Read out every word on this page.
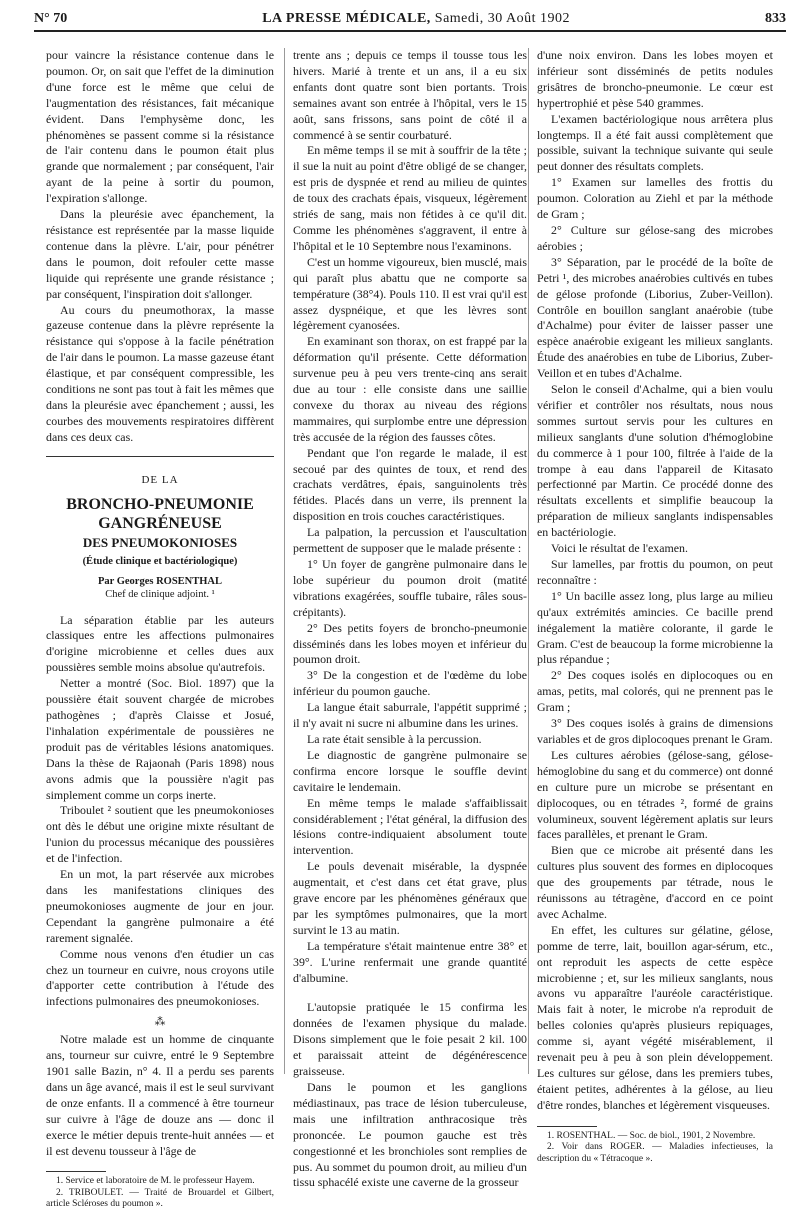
N° 70	LA PRESSE MÉDICALE, Samedi, 30 Août 1902	833

pour vaincre la résistance contenue dans le poumon. Or, on sait que l'effet de la diminution d'une force est le même que celui de l'augmentation des résistances, fait mécanique évident. Dans l'emphysème donc, les phénomènes se passent comme si la résistance de l'air contenu dans le poumon était plus grande que normalement ; par conséquent, l'air ayant de la peine à sortir du poumon, l'expiration s'allonge.

Dans la pleurésie avec épanchement, la résistance est représentée par la masse liquide contenue dans la plèvre. L'air, pour pénétrer dans le poumon, doit refouler cette masse liquide qui représente une grande résistance ; par conséquent, l'inspiration doit s'allonger.

Au cours du pneumothorax, la masse gazeuse contenue dans la plèvre représente la résistance qui s'oppose à la facile pénétration de l'air dans le poumon. La masse gazeuse étant élastique, et par conséquent compressible, les conditions ne sont pas tout à fait les mêmes que dans la pleurésie avec épanchement ; aussi, les courbes des mouvements respiratoires diffèrent dans ces deux cas.

DE LA

BRONCHO-PNEUMONIE GANGRÉNEUSE

DES PNEUMOKONIOSES

(Étude clinique et bactériologique)

Par Georges ROSENTHAL

Chef de clinique adjoint. ¹

La séparation établie par les auteurs classiques entre les affections pulmonaires d'origine microbienne et celles dues aux poussières semble moins absolue qu'autrefois.

Netter a montré (Soc. Biol. 1897) que la poussière était souvent chargée de microbes pathogènes ; d'après Claisse et Josué, l'inhalation expérimentale de poussières ne produit pas de véritables lésions anatomiques. Dans la thèse de Rajaonah (Paris 1898) nous avons admis que la poussière n'agit pas simplement comme un corps inerte.

Triboulet ² soutient que les pneumokonioses ont dès le début une origine mixte résultant de l'union du processus mécanique des poussières et de l'infection.

En un mot, la part réservée aux microbes dans les manifestations cliniques des pneumokonioses augmente de jour en jour. Cependant la gangrène pulmonaire a été rarement signalée.

Comme nous venons d'en étudier un cas chez un tourneur en cuivre, nous croyons utile d'apporter cette contribution à l'étude des infections pulmonaires des pneumokonioses.

⁂

Notre malade est un homme de cinquante ans, tourneur sur cuivre, entré le 9 Septembre 1901 salle Bazin, n° 4. Il a perdu ses parents dans un âge avancé, mais il est le seul survivant de onze enfants. Il a commencé à être tourneur sur cuivre à l'âge de douze ans — donc il exerce le métier depuis trente-huit années — et il est devenu tousseur à l'âge de

1. Service et laboratoire de M. le professeur Hayem.

2. TRIBOULET. — Traité de Brouardel et Gilbert, article Scléroses du poumon ».

trente ans ; depuis ce temps il tousse tous les hivers. Marié à trente et un ans, il a eu six enfants dont quatre sont bien portants. Trois semaines avant son entrée à l'hôpital, vers le 15 août, sans frissons, sans point de côté il a commencé à se sentir courbaturé.

En même temps il se mit à souffrir de la tête ; il sue la nuit au point d'être obligé de se changer, est pris de dyspnée et rend au milieu de quintes de toux des crachats épais, visqueux, légèrement striés de sang, mais non fétides à ce qu'il dit. Comme les phénomènes s'aggravent, il entre à l'hôpital et le 10 Septembre nous l'examinons.

C'est un homme vigoureux, bien musclé, mais qui paraît plus abattu que ne comporte sa température (38°4). Pouls 110. Il est vrai qu'il est assez dyspnéique, et que les lèvres sont légèrement cyanosées.

En examinant son thorax, on est frappé par la déformation qu'il présente. Cette déformation survenue peu à peu vers trente-cinq ans serait due au tour : elle consiste dans une saillie convexe du thorax au niveau des régions mammaires, qui surplombe entre une dépression très accusée de la région des fausses côtes.

Pendant que l'on regarde le malade, il est secoué par des quintes de toux, et rend des crachats verdâtres, épais, sanguinolents très fétides. Placés dans un verre, ils prennent la disposition en trois couches caractéristiques.

La palpation, la percussion et l'auscultation permettent de supposer que le malade présente :

1° Un foyer de gangrène pulmonaire dans le lobe supérieur du poumon droit (matité vibrations exagérées, souffle tubaire, râles sous-crépitants).

2° Des petits foyers de broncho-pneumonie disséminés dans les lobes moyen et inférieur du poumon droit.

3° De la congestion et de l'œdème du lobe inférieur du poumon gauche.

La langue était saburrale, l'appétit supprimé ; il n'y avait ni sucre ni albumine dans les urines.

La rate était sensible à la percussion.

Le diagnostic de gangrène pulmonaire se confirma encore lorsque le souffle devint cavitaire le lendemain.

En même temps le malade s'affaiblissait considérablement ; l'état général, la diffusion des lésions contre-indiquaient absolument toute intervention.

Le pouls devenait misérable, la dyspnée augmentait, et c'est dans cet état grave, plus grave encore par les phénomènes généraux que par les symptômes pulmonaires, que la mort survint le 13 au matin.

La température s'était maintenue entre 38° et 39°. L'urine renfermait une grande quantité d'albumine.

L'autopsie pratiquée le 15 confirma les données de l'examen physique du malade. Disons simplement que le foie pesait 2 kil. 100 et paraissait atteint de dégénérescence graisseuse.

Dans le poumon et les ganglions médiastinaux, pas trace de lésion tuberculeuse, mais une infiltration anthracosique très prononcée. Le poumon gauche est très congestionné et les bronchioles sont remplies de pus. Au sommet du poumon droit, au milieu d'un tissu sphacélé existe une caverne de la grosseur

d'une noix environ. Dans les lobes moyen et inférieur sont disséminés de petits nodules grisâtres de broncho-pneumonie. Le cœur est hypertrophié et pèse 540 grammes.

L'examen bactériologique nous arrêtera plus longtemps. Il a été fait aussi complètement que possible, suivant la technique suivante qui seule peut donner des résultats complets.

1° Examen sur lamelles des frottis du poumon. Coloration au Ziehl et par la méthode de Gram ;

2° Culture sur gélose-sang des microbes aérobies ;

3° Séparation, par le procédé de la boîte de Petri ¹, des microbes anaérobies cultivés en tubes de gélose profonde (Liborius, Zuber-Veillon). Contrôle en bouillon sanglant anaérobie (tube d'Achalme) pour éviter de laisser passer une espèce anaérobie exigeant les milieux sanglants. Étude des anaérobies en tube de Liborius, Zuber-Veillon et en tubes d'Achalme.

Selon le conseil d'Achalme, qui a bien voulu vérifier et contrôler nos résultats, nous nous sommes surtout servis pour les cultures en milieux sanglants d'une solution d'hémoglobine du commerce à 1 pour 100, filtrée à l'aide de la trompe à eau dans l'appareil de Kitasato perfectionné par Martin. Ce procédé donne des résultats excellents et simplifie beaucoup la préparation de milieux sanglants indispensables en bactériologie.

Voici le résultat de l'examen.

Sur lamelles, par frottis du poumon, on peut reconnaître :

1° Un bacille assez long, plus large au milieu qu'aux extrémités amincies. Ce bacille prend inégalement la matière colorante, il garde le Gram. C'est de beaucoup la forme microbienne la plus répandue ;

2° Des coques isolés en diplocoques ou en amas, petits, mal colorés, qui ne prennent pas le Gram ;

3° Des coques isolés à grains de dimensions variables et de gros diplocoques prenant le Gram.

Les cultures aérobies (gélose-sang, gélose-hémoglobine du sang et du commerce) ont donné en culture pure un microbe se présentant en diplocoques, ou en tétrades ², formé de grains volumineux, souvent légèrement aplatis sur leurs faces parallèles, et prenant le Gram.

Bien que ce microbe ait présenté dans les cultures plus souvent des formes en diplocoques que des groupements par tétrade, nous le réunissons au tétragène, d'accord en ce point avec Achalme.

En effet, les cultures sur gélatine, gélose, pomme de terre, lait, bouillon agar-sérum, etc., ont reproduit les aspects de cette espèce microbienne ; et, sur les milieux sanglants, nous avons vu apparaître l'auréole caractéristique. Mais fait à noter, le microbe n'a reproduit de belles colonies qu'après plusieurs repiquages, comme si, ayant végété misérablement, il revenait peu à peu à son plein développement. Les cultures sur gélose, dans les premiers tubes, étaient petites, adhérentes à la gélose, au lieu d'être rondes, blanches et légèrement visqueuses.

1. ROSENTHAL. — Soc. de biol., 1901, 2 Novembre.

2. Voir dans ROGER. — Maladies infectieuses, la description du « Tétracoque ».
